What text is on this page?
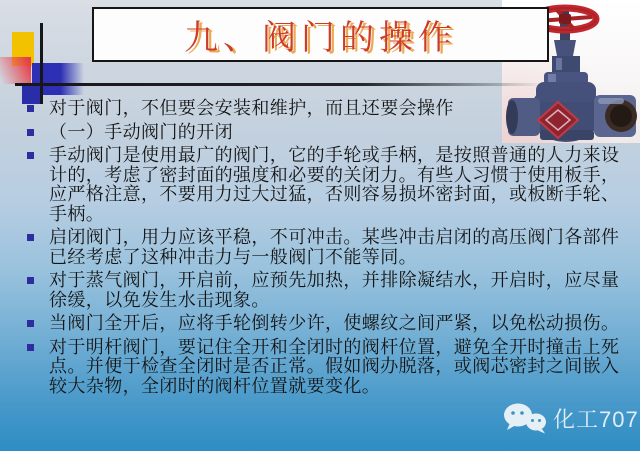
九、阀门的操作
对于阀门，不但要会安装和维护，而且还要会操作
（一）手动阀门的开闭
手动阀门是使用最广的阀门，它的手轮或手柄，是按照普通的人力来设计的，考虑了密封面的强度和必要的关闭力。有些人习惯于使用板手，应严格注意，不要用力过大过猛，否则容易损坏密封面，或板断手轮、手柄。
启闭阀门，用力应该平稳，不可冲击。某些冲击启闭的高压阀门各部件已经考虑了这种冲击力与一般阀门不能等同。
对于蒸气阀门，开启前，应预先加热，并排除凝结水，开启时，应尽量徐缓，以免发生水击现象。
当阀门全开后，应将手轮倒转少许，使螺纹之间严紧，以免松动损伤。
对于明杆阀门，要记住全开和全闭时的阀杆位置，避免全开时撞击上死点。并便于检查全闭时是否正常。假如阀办脱落，或阀芯密封之间嵌入较大杂物，全闭时的阀杆位置就要变化。
化工707
